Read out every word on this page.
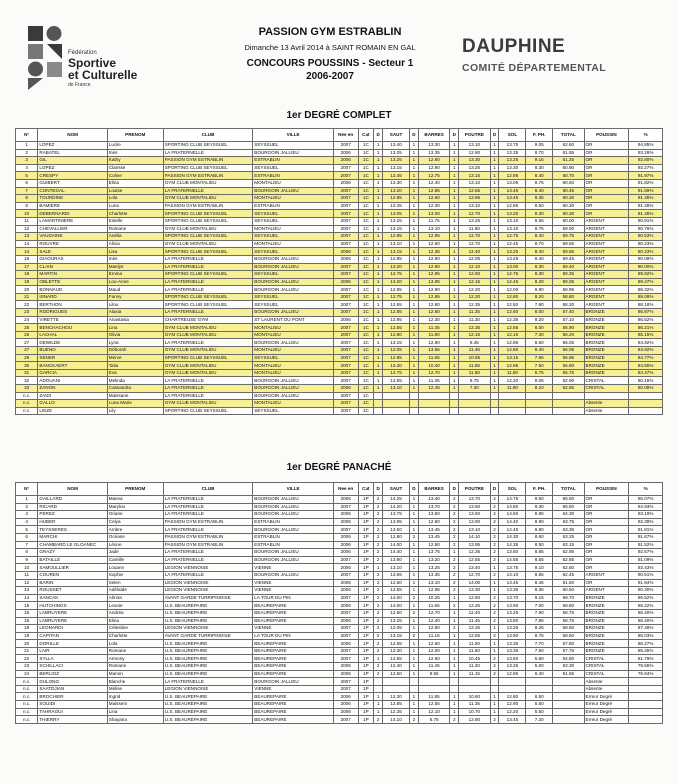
Fédération
Sportive
et Culturelle
de France
PASSION GYM ESTRABLIN
Dimanche 13 Avril 2014 à SAINT ROMAIN EN GAL
CONCOURS POUSSINS - Secteur 1
2006-2007
DAUPHINE
COMITÉ DÉPARTEMENTAL
1er DEGRÉ COMPLET
N°	NOM	PRENOM	CLUB	VILLE	Nee en	Cat	D	SAUT	D	BARRES	D	POUTRE	D	SOL	F. PH.	TOTAL	POUSSIN	%
1	LOPEZ	Lucile	SPORTING CLUB SEYSSUEL	SEYSSUEL	2007	1C	1	13.40	1	13.30	1	13.10	1	13.75	9.05	62.60	OR	94.85%
2	RABATEL	Inès	LA FRATERNELLE	BOURGOIN JALLIEU	2006	1C	1	13.25	1	13.35	1	12.90	1	13.35	8.70	61.55	OR	93.26%
3	GIL	Kathy	PASSION GYM ESTRABLIN	ESTRABLIN	2006	1C	1	13.25	1	12.60	1	13.30	1	13.25	9.15	61.25	OR	92.80%
4	LOPEZ	Clarisse	SPORTING CLUB SEYSSUEL	SEYSSUEL	2007	1C	1	13.15	1	12.90	1	13.25	1	13.30	8.30	60.90	OR	92.27%
5	CRESPY	Coline	PASSION GYM ESTRABLIN	ESTRABLIN	2007	1C	1	13.45	1	12.75	1	13.15	1	12.95	8.40	60.70	OR	91.97%
6	GUIBERT	Elina	GYM CLUB MONTALIEU	MONTALIEU	2006	1C	1	13.30	1	12.40	1	13.10	1	13.05	8.75	60.60	OR	91.82%
7	CONTEGAL	Louise	LA FRATERNELLE	BOURGOIN JALLIEU	2007	1C	1	13.20	1	12.85	1	12.55	1	13.45	8.40	60.45	OR	91.59%
8	TOURDINE	Lola	GYM CLUB MONTALIEU	MONTALIEU	2007	1C	1	12.95	1	12.60	1	12.95	1	13.45	8.35	60.30	OR	91.36%
8	BAMIERE	Luna	PASSION GYM ESTRABLIN	ESTRABLIN	2007	1C	1	13.45	1	12.30	1	13.10	1	12.95	8.50	60.30	OR	91.36%
10	DEBERNARDI	Charlotte	SPORTING CLUB SEYSSUEL	SEYSSUEL	2007	1C	1	13.05	1	13.00	1	12.70	1	13.25	8.30	60.30	OR	91.36%
11	LAMARTINIERE	Estelle	SPORTING CLUB SEYSSUEL	SEYSSUEL	2007	1C	1	13.25	1	11.75	1	13.25	1	13.10	8.65	60.00	ARGENT	90.91%
12	CHEVALLIER	Romane	GYM CLUB MONTALIEU	MONTALIEU	2007	1C	1	13.15	1	13.10	1	11.80	1	13.10	8.75	59.90	ARGENT	90.76%
13	VAUDAINE	Anélia	SPORTING CLUB SEYSSUEL	SEYSSUEL	2007	1C	1	12.95	1	12.95	1	12.70	1	12.75	8.40	59.75	ARGENT	90.53%
14	ROUVRE	Alicia	GYM CLUB MONTALIEU	MONTALIEU	2007	1C	1	13.10	1	12.60	1	12.70	1	12.45	8.70	59.55	ARGENT	90.23%
14	SALE	Lisa	SPORTING CLUB SEYSSUEL	SEYSSUEL	2006	1C	1	13.15	1	12.35	1	12.40	1	13.25	8.40	59.55	ARGENT	90.23%
16	GIAOURAS	Inès	LA FRATERNELLE	BOURGOIN JALLIEU	2006	1C	1	12.85	1	12.90	1	12.05	1	13.25	8.40	59.45	ARGENT	90.08%
17	CLAIN	Maelys	LA FRATERNELLE	BOURGOIN JALLIEU	2007	1C	1	13.20	1	12.80	1	12.10	1	13.00	8.30	59.40	ARGENT	90.00%
18	MARTIN	Emma	SPORTING CLUB SEYSSUEL	SEYSSUEL	2007	1C	1	12.75	1	12.95	1	12.60	1	12.75	8.30	59.35	ARGENT	89.92%
19	OBLETTE	Lou-Anne	LA FRATERNELLE	BOURGOIN JALLIEU	2006	1C	1	13.20	1	13.05	1	12.15	1	12.45	8.20	59.05	ARGENT	89.47%
20	BONNAUD	Maud	LA FRATERNELLE	BOURGOIN JALLIEU	2007	1C	1	12.95	1	12.90	1	12.20	1	12.00	8.90	58.95	ARGENT	89.32%
21	ISNARD	Fanny	SPORTING CLUB SEYSSUEL	SEYSSUEL	2007	1C	1	12.75	1	12.85	1	12.20	1	12.80	8.20	58.80	ARGENT	89.09%
22	BERTHON	Lilou	SPORTING CLUB SEYSSUEL	SEYSSUEL	2007	1C	1	12.65	1	12.80	1	12.35	1	12.50	7.90	58.20	ARGENT	88.18%
23	RODRIGUES	Alaxia	LA FRATERNELLE	BOURGOIN JALLIEU	2007	1C	1	12.85	1	12.60	1	11.35	1	12.60	8.00	57.40	BRONZE	86.97%
24	VIRETTE	Anastasia	CHARTREUSE GYM	ST LAURENT DU PONT	2006	1C	1	12.95	1	12.30	1	11.30	1	12.35	8.20	57.10	BRONZE	86.52%
25	BENCHACHOU	Lina	GYM CLUB MONTALIEU	MONTALIEU	2007	1C	1	12.55	1	11.35	1	12.35	1	12.65	8.00	56.90	BRONZE	86.21%
26	LACHAL	Olivia	GYM CLUB MONTALIEU	MONTALIEU	2007	1C	1	12.80	1	11.80	1	12.15	1	12.15	7.30	56.20	BRONZE	85.15%
27	DEWILDE	Lyna	LA FRATERNELLE	BOURGOIN JALLIEU	2007	1C	1	13.15	1	12.90	1	8.45	1	12.95	8.60	56.05	BRONZE	84.92%
27	BUENO	Déborah	GYM CLUB MONTALIEU	MONTALIEU	2007	1C	1	12.05	1	13.55	1	11.45	1	12.60	8.40	56.05	BRONZE	84.92%
29	SENER	Merve	SPORTING CLUB SEYSSUEL	SEYSSUEL	2007	1C	1	12.85	1	11.65	1	10.65	1	13.15	7.65	55.95	BRONZE	84.77%
30	BANCKAERT	Talia	GYM CLUB MONTALIEU	MONTALIEU	2007	1C	1	13.30	1	10.40	1	11.65	1	12.95	7.50	55.80	BRONZE	84.55%
31	GARCIA	Eva	GYM CLUB MONTALIEU	MONTALIEU	2007	1C	1	12.75	1	12.70	1	11.80	1	11.60	6.75	55.75	BRONZE	84.47%
32	ADOUANI	Melinda	LA FRATERNELLE	BOURGOIN JALLIEU	2007	1C	1	12.55	1	11.35	1	8.75	1	12.20	8.05	52.90	CRISTAL	80.15%
33	ZANON	Cassandra	LA FRATERNELLE	BOURGOIN JALLIEU	2006	1C	1	13.10	1	12.45	1	7.30	1	11.90	8.10	52.85	CRISTAL	80.08%
n.c.	ZAIDI	Maissane	LA FRATERNELLE	BOURGOIN JALLIEU	2007	1C												
n.c.	GALLO	Luna Marie	GYM CLUB MONTALIEU	MONTALIEU	2007	1C											Absente	
n.c.	LIEZE	Lily	SPORTING CLUB SEYSSUEL	SEYSSUEL	2007	1C											Absente	
1er DEGRÉ PANACHÉ
N°	NOM	PRENOM	CLUB	VILLE	Nee en	Cat	D	SAUT	D	BARRES	D	POUTRE	D	SOL	F. PH.	TOTAL	POUSSIN	%
1	GAILLARD	Maeva	LA FRATERNELLE	BOURGOIN JALLIEU	2006	1P	2	14.25	1	13.40	2	13.70	2	14.75	9.50	65.60	OR	95.07%
2	RICARD	Marylou	LA FRATERNELLE	BOURGOIN JALLIEU	2007	1P	2	14.20	1	13.70	2	13.50	2	14.80	9.30	65.50	OR	94.93%
3	PEREZ	Oriane	LA FRATERNELLE	BOURGOIN JALLIEU	2006	1P	2	13.75	1	13.50	2	13.50	2	14.60	8.95	64.30	OR	93.19%
4	HUBER	Celya	PASSION GYM ESTRABLIN	ESTRABLIN	2006	1P	2	13.95	1	12.60	2	13.90	2	14.40	8.90	63.75	OR	92.39%
5	TEYSSERES	Ambre	LA FRATERNELLE	BOURGOIN JALLIEU	2007	1P	2	13.50	1	13.45	2	13.10	2	14.45	8.80	63.35	OR	91.81%
6	MARCHI	Océane	PASSION GYM ESTRABLIN	ESTRABLIN	2006	1P	2	12.80	2	13.45	2	14.10	2	14.30	8.60	63.25	OR	91.67%
7	CHAMBARD LE GLOANEC	Léone	PASSION GYM ESTRABLIN	ESTRABLIN	2006	1P	2	14.00	1	12.50	2	13.95	2	14.35	8.50	63.15	OR	91.52%
8	GRAZY	Jade	LA FRATERNELLE	BOURGOIN JALLIEU	2006	1P	2	14.40	1	13.75	1	12.35	2	13.60	8.85	62.95	OR	92.57%
9	BATAILLE	Camille	LA FRATERNELLE	BOURGOIN JALLIEU	2007	1P	2	13.90	1	13.20	2	12.55	2	14.65	8.55	62.85	OR	91.09%
10	SAMOULLIER	Louann	LEGION VIENNOISE	VIENNE	2006	1P	1	13.10	1	13.25	2	13.40	1	13.75	9.10	62.60	OR	93.43%
11	COUREN	Sophie	LA FRATERNELLE	BOURGOIN JALLIEU	2007	1P	2	13.65	1	13.35	2	12.70	2	14.10	8.65	62.45	ARGENT	90.51%
12	BARIN	Selen	LEGION VIENNOISE	VIENNE	2006	1P	2	12.60	1	13.10	2	14.00	1	13.45	8.45	61.60	OR	91.94%
13	ROUSSET	Adélaïde	LEGION VIENNOISE	VIENNE	2006	1P	2	12.55	1	12.95	2	13.30	1	13.35	8.35	60.50	ARGENT	90.30%
14	SANCAK	Almira	AVANT GARDE TURRIPINOISE	LA TOUR DU PIN	2007	1P	2	14.00	2	10.25	1	12.60	2	13.70	9.15	59.70	BRONZE	86.52%
15	HUTCHINGS	Leonie	U.S. BEAUREPAIRE	BEAUREPAIRE	2006	1P	2	14.00	1	11.65	2	12.25	2	13.90	7.00	58.80	BRONZE	85.22%
16	LABRUYERE	Andréa	U.S. BEAUREPAIRE	BEAUREPAIRE	2007	1P	2	12.50	2	12.70	1	12.40	2	13.25	7.90	58.75	BRONZE	86.40%
16	LABRUYERE	Elina	U.S. BEAUREPAIRE	BEAUREPAIRE	2006	1P	2	13.25	1	12.40	1	11.45	2	13.80	7.85	58.75	BRONZE	86.40%
18	LEONARDI	Célestine	LEGION VIENNOISE	VIENNE	2007	1P	2	12.05	1	12.80	2	12.25	1	13.25	8.25	58.60	BRONZE	87.46%
19	CAPITAN	Charlotte	AVANT GARDE TURRIPINOISE	LA TOUR DU PIN	2007	1P	2	13.15	2	11.15	1	12.55	2	13.90	8.75	58.50	BRONZE	86.03%
20	DORILLE	Lola	U.S. BEAUREPAIRE	BEAUREPAIRE	2006	1P	2	12.65	1	12.60	1	11.50	1	13.35	7.70	57.80	BRONZE	86.27%
21	LAIR	Romane	U.S. BEAUREPAIRE	BEAUREPAIRE	2007	1P	2	13.30	1	12.00	1	11.60	1	13.35	7.50	57.75	BRONZE	85.45%
22	SYLLA	Armony	U.S. BEAUREPAIRE	BEAUREPAIRE	2007	1P	1	12.55	1	12.60	1	10.45	2	13.60	5.60	54.80	CRISTAL	81.79%
23	SCHILLACI	Romane	U.S. BEAUREPAIRE	BEAUREPAIRE	2006	1P	2	12.40	1	11.45	1	11.20	2	13.25	5.00	53.30	CRISTAL	79.55%
24	BERLIOZ	Manon	U.S. BEAUREPAIRE	BEAUREPAIRE	2006	1P	2	12.50	1	8.55	1	11.15	2	12.95	6.40	51.55	CRISTAL	76.94%
n.c.	DULONG	Blanche	LA FRATERNELLE	BOURGOIN JALLIEU	2007	1P											Absente	
n.c.	SAATDJIAN	Mélise	LEGION VIENNOISE	VIENNE	2007	1P											Absente	
n.c.	BROCHIER	Ingrid	U.S. BEAUREPAIRE	BEAUREPAIRE	2006	1P	1	12.30	1	11.85	1	10.60	1	12.80	6.50		Erreur Degré	
n.c.	SOUIDI	Maissem	U.S. BEAUREPAIRE	BEAUREPAIRE	2006	1P	1	12.85	1	12.55	1	11.35	1	12.90	5.60		Erreur Degré	
n.c.	TAHRAOUI	Lina	U.S. BEAUREPAIRE	BEAUREPAIRE	2006	1P	1	12.35	1	12.10	1	10.70	1	12.20	5.50		Erreur Degré	
n.c.	THIERRY	Shayana	U.S. BEAUREPAIRE	BEAUREPAIRE	2007	1P	2	14.10	2	6.75	2	12.80	2	13.45	7.20		Erreur Degré	
